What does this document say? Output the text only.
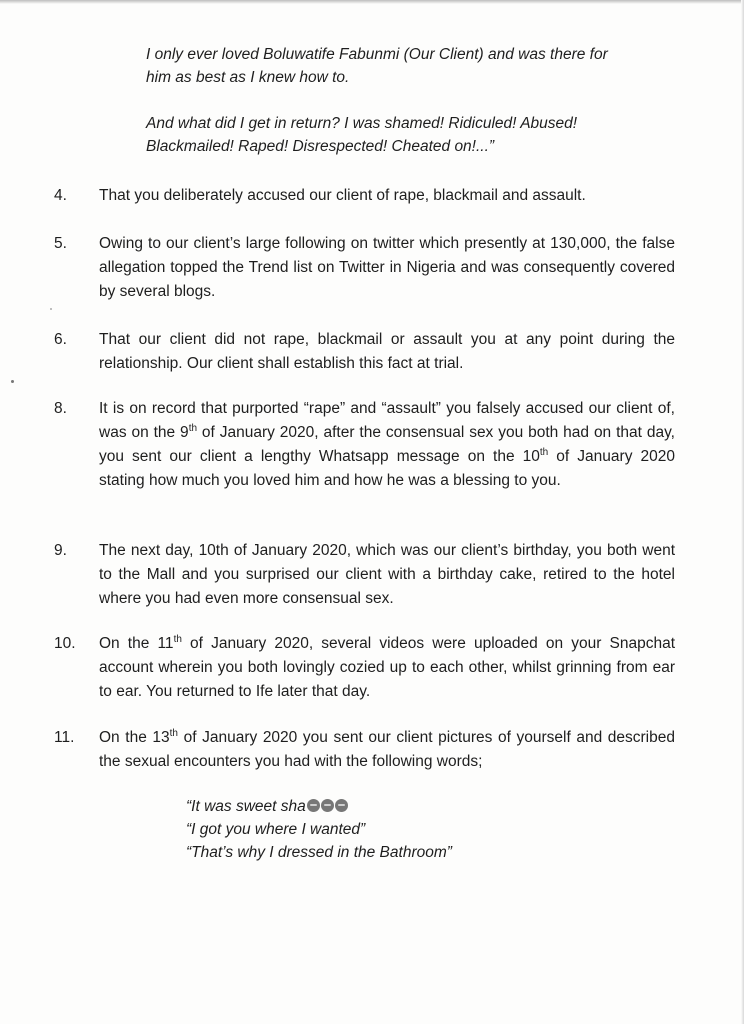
I only ever loved Boluwatife Fabunmi (Our Client) and was there for
him as best as I knew how to.

And what did I get in return? I was shamed! Ridiculed! Abused!
Blackmailed! Raped! Disrespected! Cheated on!...”

4. That you deliberately accused our client of rape, blackmail and assault.

5. Owing to our client’s large following on twitter which presently at 130,000, the false allegation topped the Trend list on Twitter in Nigeria and was consequently covered by several blogs.

6. That our client did not rape, blackmail or assault you at any point during the relationship. Our client shall establish this fact at trial.

8. It is on record that purported “rape” and “assault” you falsely accused our client of, was on the 9th of January 2020, after the consensual sex you both had on that day, you sent our client a lengthy Whatsapp message on the 10th of January 2020 stating how much you loved him and how he was a blessing to you.

9. The next day, 10th of January 2020, which was our client’s birthday, you both went to the Mall and you surprised our client with a birthday cake, retired to the hotel where you had even more consensual sex.

10. On the 11th of January 2020, several videos were uploaded on your Snapchat account wherein you both lovingly cozied up to each other, whilst grinning from ear to ear. You returned to Ife later that day.

11. On the 13th of January 2020 you sent our client pictures of yourself and described the sexual encounters you had with the following words;

“It was sweet sha

“I got you where I wanted”

“That’s why I dressed in the Bathroom”
